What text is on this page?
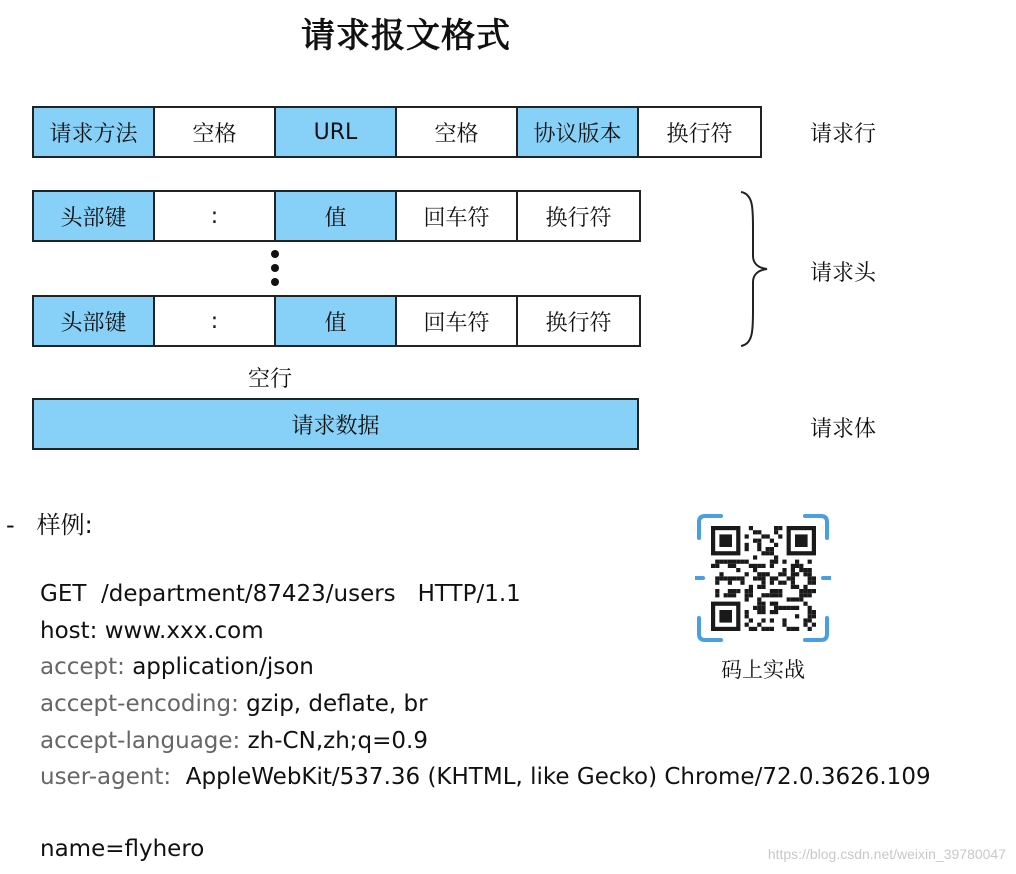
请求报文格式
请求方法	空格	URL	空格	协议版本	换行符	请求行
头部键	:	值	回车符	换行符
头部键	:	值	回车符	换行符
请求头
空行
请求数据	请求体
- 样例:
GET  /department/87423/users   HTTP/1.1
host: www.xxx.com
accept: application/json
accept-encoding: gzip, deflate, br
accept-language: zh-CN,zh;q=0.9
user-agent:  AppleWebKit/537.36 (KHTML, like Gecko) Chrome/72.0.3626.109
name=flyhero
码上实战
https://blog.csdn.net/weixin_39780047
